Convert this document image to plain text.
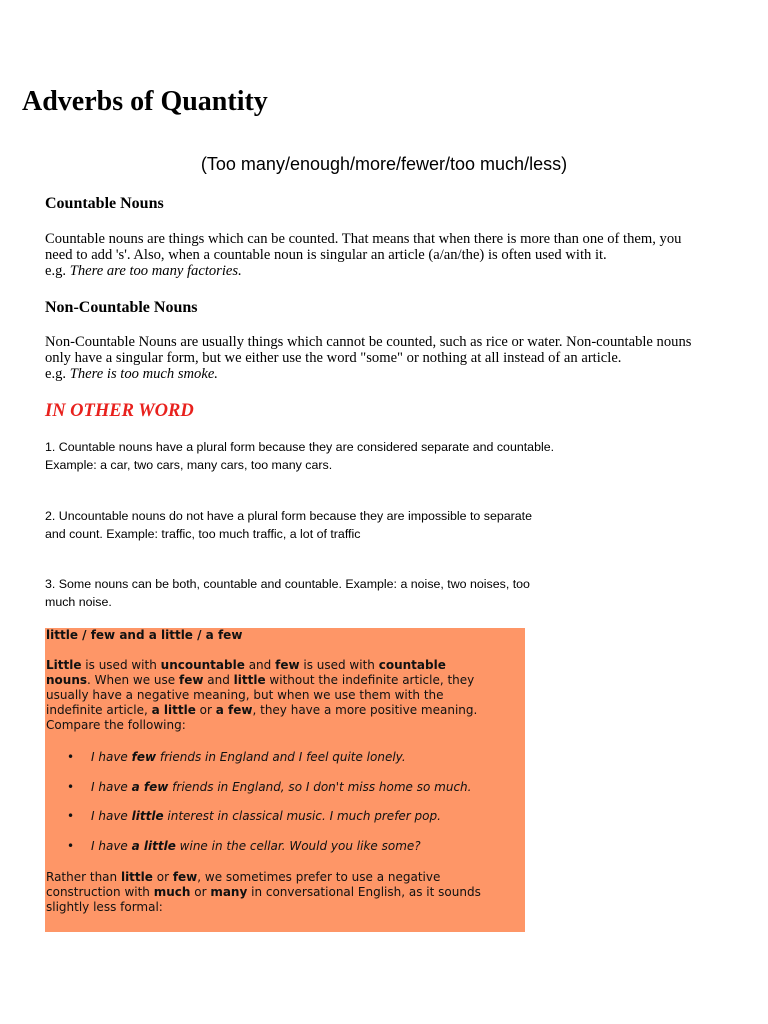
Adverbs of Quantity

(Too many/enough/more/fewer/too much/less)

Countable Nouns
Countable nouns are things which can be counted. That means that when there is more than one of them, you
need to add 's'. Also, when a countable noun is singular an article (a/an/the) is often used with it.
e.g. There are too many factories.
Non-Countable Nouns
Non-Countable Nouns are usually things which cannot be counted, such as rice or water. Non-countable nouns
only have a singular form, but we either use the word "some" or nothing at all instead of an article.
e.g. There is too much smoke.
IN OTHER WORD
1. Countable nouns have a plural form because they are considered separate and countable.
Example: a car, two cars, many cars, too many cars.
2. Uncountable nouns do not have a plural form because they are impossible to separate
and count. Example: traffic, too much traffic, a lot of traffic
3. Some nouns can be both, countable and countable. Example: a noise, two noises, too
much noise.
little / few and a little / a few
Little is used with uncountable and few is used with countable
nouns. When we use few and little without the indefinite article, they
usually have a negative meaning, but when we use them with the
indefinite article, a little or a few, they have a more positive meaning.
Compare the following:
• I have few friends in England and I feel quite lonely.
• I have a few friends in England, so I don't miss home so much.
• I have little interest in classical music. I much prefer pop.
• I have a little wine in the cellar. Would you like some?
Rather than little or few, we sometimes prefer to use a negative
construction with much or many in conversational English, as it sounds
slightly less formal:
